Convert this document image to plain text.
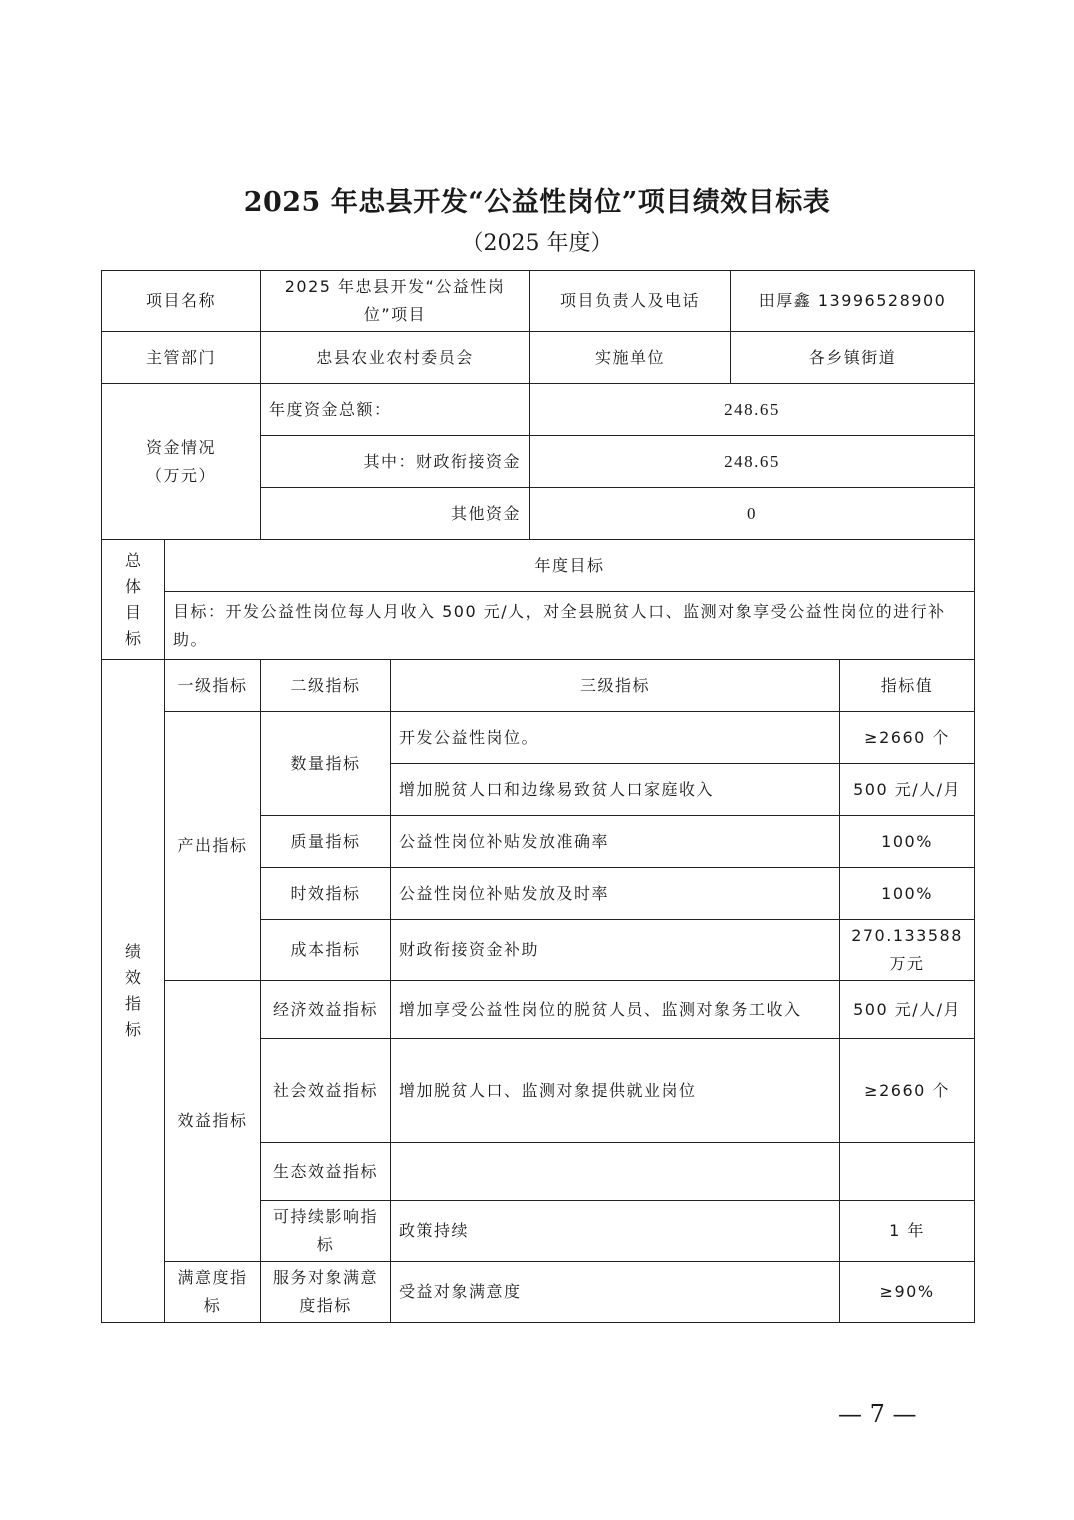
2025 年忠县开发“公益性岗位”项目绩效目标表
（2025 年度）
项目名称		2025 年忠县开发“公益性岗位”项目		项目负责人及电话	田厚鑫 13996528900	
主管部门		忠县农业农村委员会		实施单位	各乡镇街道	

资金情况
（万元）		年度资金总额：		248.65		
		其中：财政衔接资金		248.65		
		其他资金		0		

总
体
目
标	年度目标					
	目标：开发公益性岗位每人月收入 500 元/人，对全县脱贫人口、监测对象享受公益性岗位的进行补助。					

绩
效
指
标	一级指标	二级指标	三级指标			指标值
	产出指标	数量指标	开发公益性岗位。			≥2660 个
			增加脱贫人口和边缘易致贫人口家庭收入			500 元/人/月
		质量指标	公益性岗位补贴发放准确率			100%
		时效指标	公益性岗位补贴发放及时率			100%
		成本指标	财政衔接资金补助			270.133588 万元
	效益指标	经济效益指标	增加享受公益性岗位的脱贫人员、监测对象务工收入			500 元/人/月
		社会效益指标	增加脱贫人口、监测对象提供就业岗位			≥2660 个
		生态效益指标				
		可持续影响指标	政策持续			1 年
	满意度指标	服务对象满意度指标	受益对象满意度			≥90%
— 7 —
